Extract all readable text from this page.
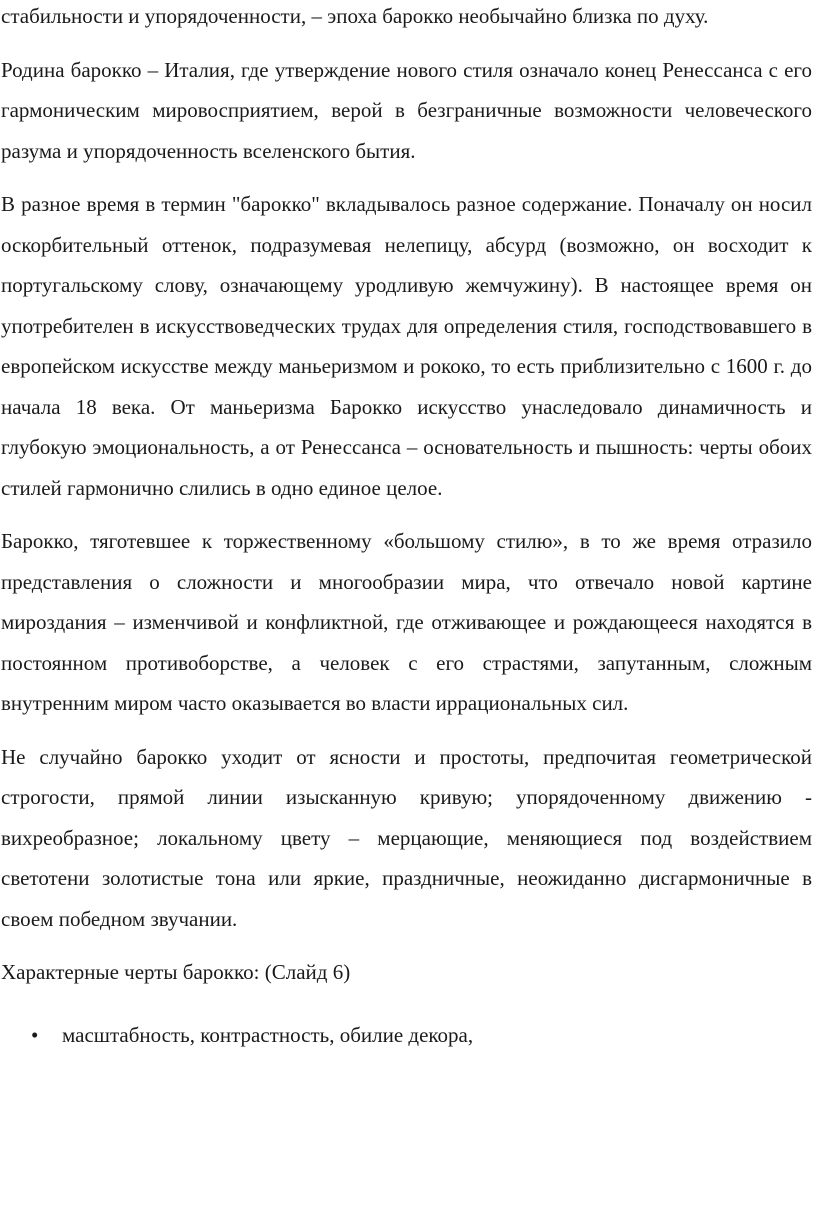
стабильности и упорядоченности, – эпоха барокко необычайно близка по духу.

Родина барокко – Италия, где утверждение нового стиля означало конец Ренессанса с его гармоническим мировосприятием, верой в безграничные возможности человеческого разума и упорядоченность вселенского бытия.

В разное время в термин "барокко" вкладывалось разное содержание. Поначалу он носил оскорбительный оттенок, подразумевая нелепицу, абсурд (возможно, он восходит к португальскому слову, означающему уродливую жемчужину). В настоящее время он употребителен в искусствоведческих трудах для определения стиля, господствовавшего в европейском искусстве между маньеризмом и рококо, то есть приблизительно с 1600 г. до начала 18 века. От маньеризма Барокко искусство унаследовало динамичность и глубокую эмоциональность, а от Ренессанса – основательность и пышность: черты обоих стилей гармонично слились в одно единое целое.

Барокко, тяготевшее к торжественному «большому стилю», в то же время отразило представления о сложности и многообразии мира, что отвечало новой картине мироздания – изменчивой и конфликтной, где отживающее и рождающееся находятся в постоянном противоборстве, а человек с его страстями, запутанным, сложным внутренним миром часто оказывается во власти иррациональных сил.

Не случайно барокко уходит от ясности и простоты, предпочитая геометрической строгости, прямой линии изысканную кривую; упорядоченному движению - вихреобразное; локальному цвету – мерцающие, меняющиеся под воздействием светотени золотистые тона или яркие, праздничные, неожиданно дисгармоничные в своем победном звучании.

Характерные черты барокко: (Слайд 6)

• масштабность, контрастность, обилие декора,
